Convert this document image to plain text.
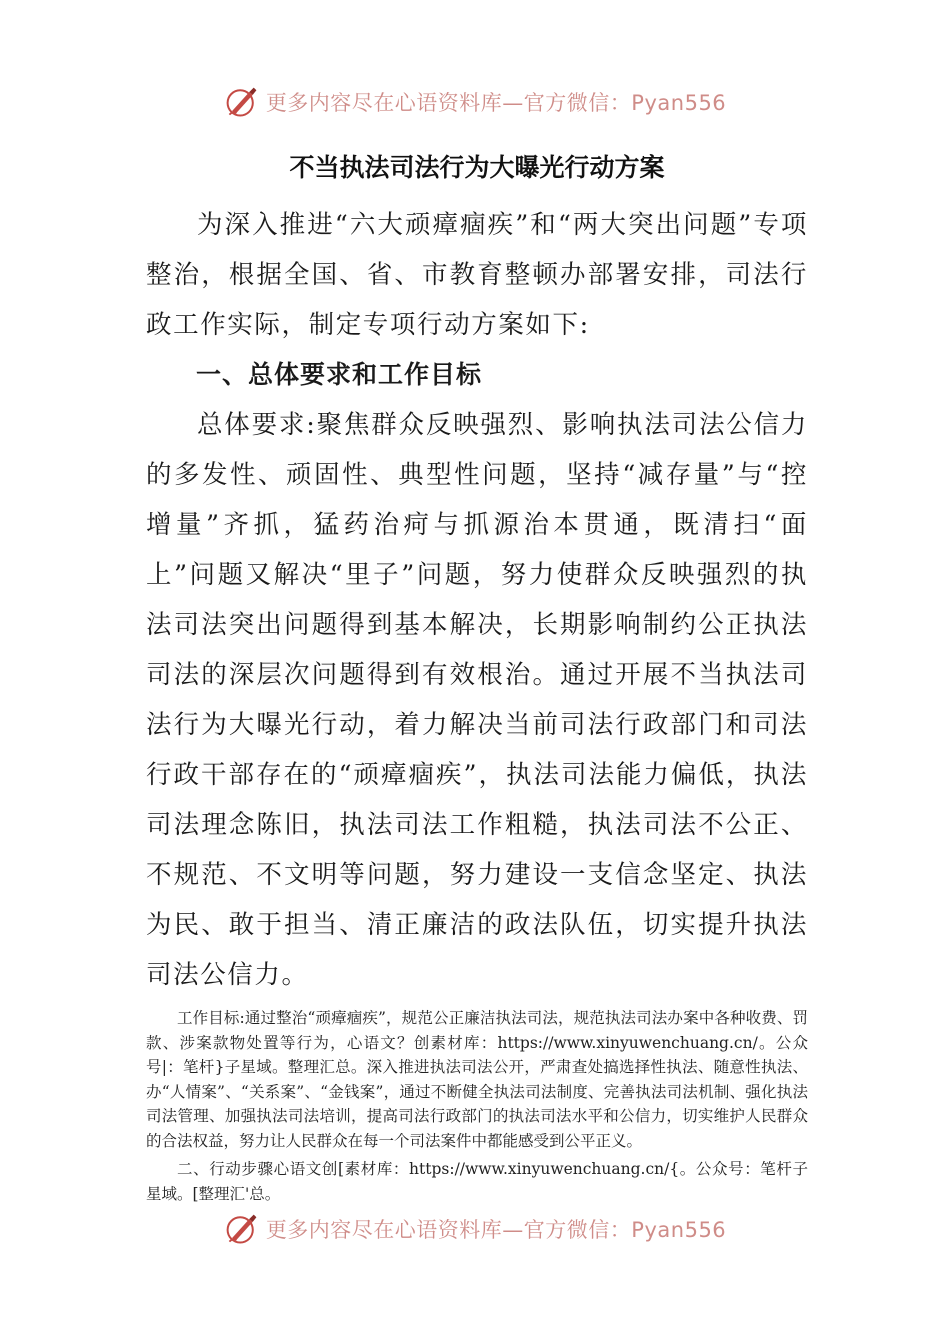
更多内容尽在心语资料库—官方微信：Pyan556
不当执法司法行为大曝光行动方案

为深入推进“六大顽瘴痼疾”和“两大突出问题”专项整治，根据全国、省、市教育整顿办部署安排，司法行政工作实际，制定专项行动方案如下:

一、总体要求和工作目标

总体要求:聚焦群众反映强烈、影响执法司法公信力的多发性、顽固性、典型性问题，坚持“减存量”与“控增量”齐抓，猛药治疴与抓源治本贯通，既清扫“面上”问题又解决“里子”问题，努力使群众反映强烈的执法司法突出问题得到基本解决，长期影响制约公正执法司法的深层次问题得到有效根治。通过开展不当执法司法行为大曝光行动，着力解决当前司法行政部门和司法行政干部存在的“顽瘴痼疾”，执法司法能力偏低，执法司法理念陈旧，执法司法工作粗糙，执法司法不公正、不规范、不文明等问题，努力建设一支信念坚定、执法为民、敢于担当、清正廉洁的政法队伍，切实提升执法司法公信力。

工作目标:通过整治“顽瘴痼疾”，规范公正廉洁执法司法，规范执法司法办案中各种收费、罚款、涉案款物处置等行为，心语文？创素材库：https://www.xinyuwenchuang.cn/。公众号|：笔杆}子星域。整理汇总。深入推进执法司法公开，严肃查处搞选择性执法、随意性执法、办“人情案”、“关系案”、“金钱案”，通过不断健全执法司法制度、完善执法司法机制、强化执法司法管理、加强执法司法培训，提高司法行政部门的执法司法水平和公信力，切实维护人民群众的合法权益，努力让人民群众在每一个司法案件中都能感受到公平正义。

二、行动步骤心语文创[素材库：https://www.xinyuwenchuang.cn/{。公众号：笔杆子星域。[整理汇'总。

更多内容尽在心语资料库—官方微信：Pyan556
